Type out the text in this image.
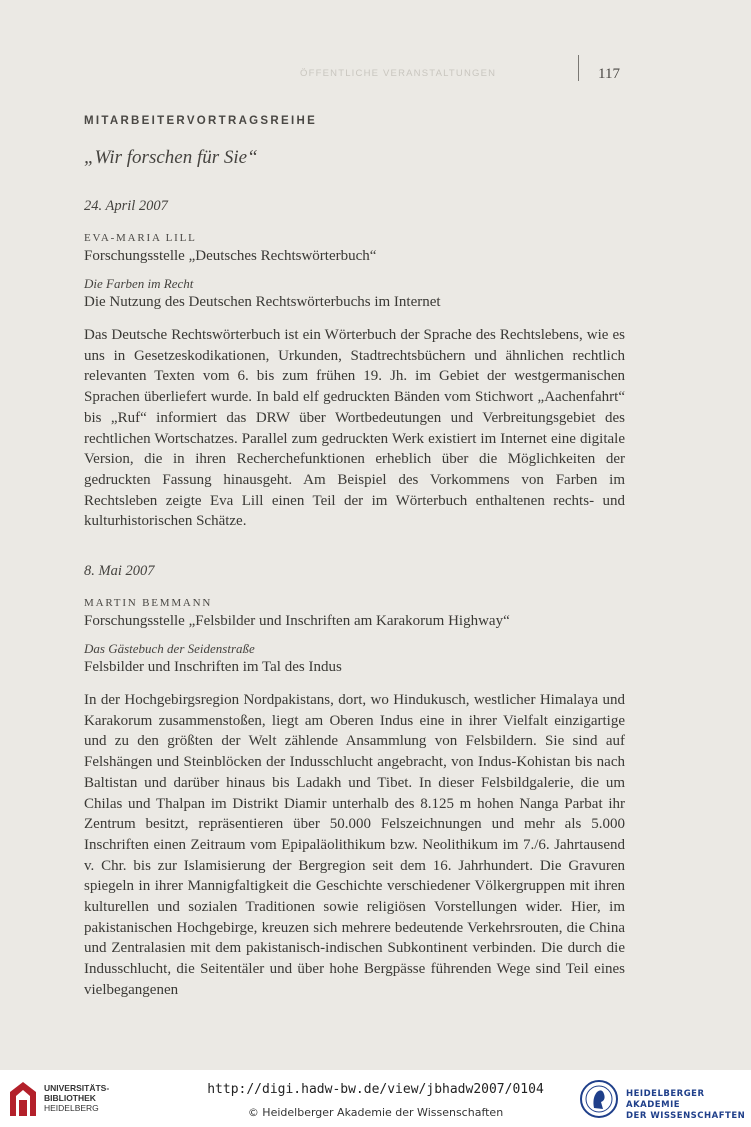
ÖFFENTLICHE VERANSTALTUNGEN	117
MITARBEITERVORTRAGSREIHE
„Wir forschen für Sie“
24. April 2007
EVA-MARIA LILL
Forschungsstelle „Deutsches Rechtswörterbuch“
Die Farben im Recht
Die Nutzung des Deutschen Rechtswörterbuchs im Internet

Das Deutsche Rechtswörterbuch ist ein Wörterbuch der Sprache des Rechtslebens, wie es uns in Gesetzeskodikationen, Urkunden, Stadtrechtsbüchern und ähnlichen rechtlich relevanten Texten vom 6. bis zum frühen 19. Jh. im Gebiet der westgermanischen Sprachen überliefert wurde. In bald elf gedruckten Bänden vom Stichwort „Aachenfahrt“ bis „Ruf“ informiert das DRW über Wortbedeutungen und Verbreitungsgebiet des rechtlichen Wortschatzes. Parallel zum gedruckten Werk existiert im Internet eine digitale Version, die in ihren Recherchefunktionen erheblich über die Möglichkeiten der gedruckten Fassung hinausgeht. Am Beispiel des Vorkommens von Farben im Rechtsleben zeigte Eva Lill einen Teil der im Wörterbuch enthaltenen rechts- und kulturhistorischen Schätze.

8. Mai 2007
MARTIN BEMMANN
Forschungsstelle „Felsbilder und Inschriften am Karakorum Highway“
Das Gästebuch der Seidenstraße
Felsbilder und Inschriften im Tal des Indus

In der Hochgebirgsregion Nordpakistans, dort, wo Hindukusch, westlicher Himalaya und Karakorum zusammenstoßen, liegt am Oberen Indus eine in ihrer Vielfalt einzigartige und zu den größten der Welt zählende Ansammlung von Felsbildern. Sie sind auf Felshängen und Steinblöcken der Indusschlucht angebracht, von Indus-Kohistan bis nach Baltistan und darüber hinaus bis Ladakh und Tibet. In dieser Felsbildgalerie, die um Chilas und Thalpan im Distrikt Diamir unterhalb des 8.125 m hohen Nanga Parbat ihr Zentrum besitzt, repräsentieren über 50.000 Felszeichnungen und mehr als 5.000 Inschriften einen Zeitraum vom Epipaläolithikum bzw. Neolithikum im 7./6. Jahrtausend v. Chr. bis zur Islamisierung der Bergregion seit dem 16. Jahrhundert. Die Gravuren spiegeln in ihrer Mannigfaltigkeit die Geschichte verschiedener Völkergruppen mit ihren kulturellen und sozialen Traditionen sowie religiösen Vorstellungen wider. Hier, im pakistanischen Hochgebirge, kreuzen sich mehrere bedeutende Verkehrsrouten, die China und Zentralasien mit dem pakistanisch-indischen Subkontinent verbinden. Die durch die Indusschlucht, die Seitentäler und über hohe Bergpässe führenden Wege sind Teil eines vielbegangenen

UNIVERSITÄTS-
BIBLIOTHEK
HEIDELBERG
http://digi.hadw-bw.de/view/jbhadw2007/0104
© Heidelberger Akademie der Wissenschaften
HEIDELBERGER AKADEMIE
DER WISSENSCHAFTEN
